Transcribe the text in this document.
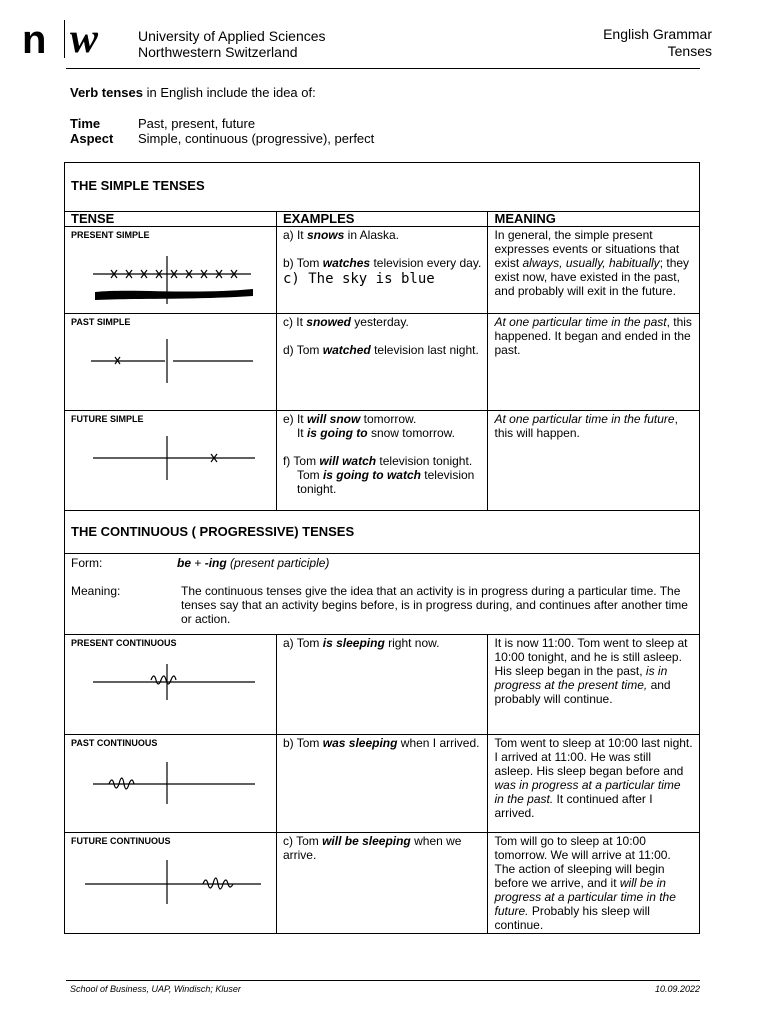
n w	University of Applied Sciences
Northwestern Switzerland
English Grammar
Tenses
Verb tenses in English include the idea of:
Time	Past, present, future
Aspect Simple, continuous (progressive), perfect
THE SIMPLE TENSES		
TENSE	EXAMPLES	MEANING

PRESENT SIMPLE	a) It snows in Alaska.
b) Tom watches television every day.
c) The sky is blue	In general, the simple present expresses events or situations that exist always, usually, habitually; they exist now, have existed in the past, and probably will exit in the future.

PAST SIMPLE	c) It snowed yesterday.
d) Tom watched television last night.	At one particular time in the past, this happened. It began and ended in the past.

FUTURE SIMPLE	e) It will snow tomorrow.
It is going to snow tomorrow.
f) Tom will watch television tonight.
Tom is going to watch television tonight.	At one particular time in the future, this will happen.
THE CONTINUOUS ( PROGRESSIVE) TENSES		

Form: be + -ing (present participle)
Meaning: The continuous tenses give the idea that an activity is in progress during a particular time. The tenses say that an activity begins before, is in progress during, and continues after another time or action.		

PRESENT CONTINUOUS	a) Tom is sleeping right now.	It is now 11:00. Tom went to sleep at 10:00 tonight, and he is still asleep. His sleep began in the past, is in progress at the present time, and probably will continue.

PAST CONTINUOUS	b) Tom was sleeping when I arrived.	Tom went to sleep at 10:00 last night. I arrived at 11:00. He was still asleep. His sleep began before and was in progress at a particular time in the past. It continued after I arrived.

FUTURE CONTINUOUS	c) Tom will be sleeping when we arrive.	Tom will go to sleep at 10:00 tomorrow. We will arrive at 11:00. The action of sleeping will begin before we arrive, and it will be in progress at a particular time in the future. Probably his sleep will continue.
School of Business, UAP, Windisch; Kluser	10.09.2022
